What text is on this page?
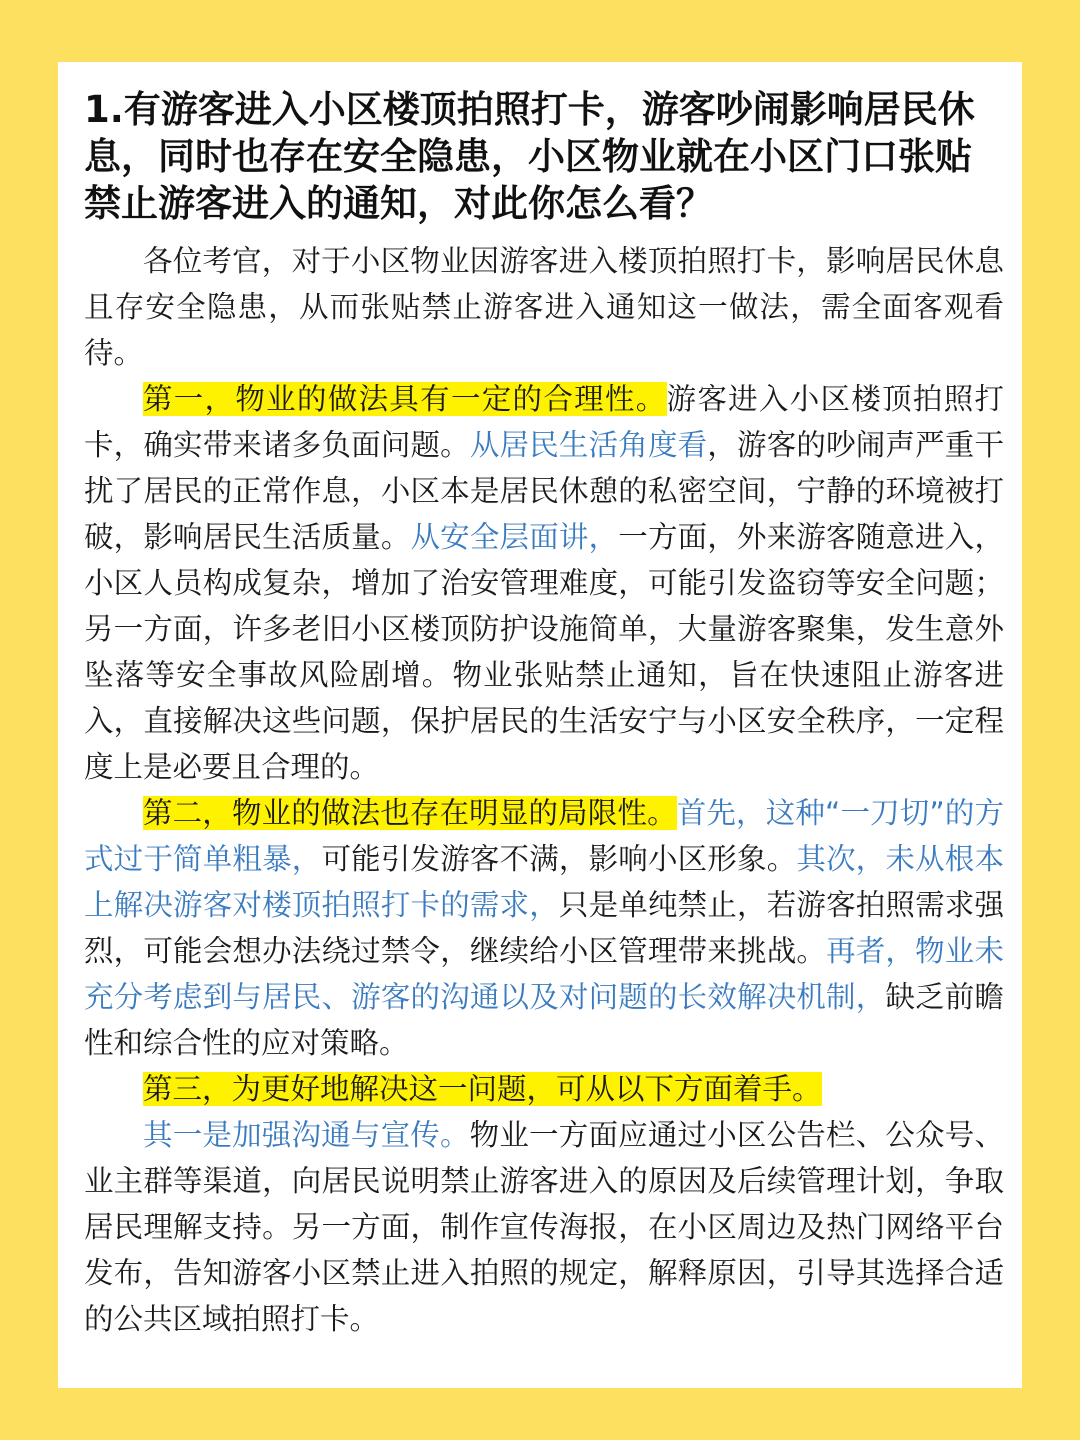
1.有游客进入小区楼顶拍照打卡，游客吵闹影响居民休息，同时也存在安全隐患，小区物业就在小区门口张贴禁止游客进入的通知，对此你怎么看？

各位考官，对于小区物业因游客进入楼顶拍照打卡，影响居民休息且存安全隐患，从而张贴禁止游客进入通知这一做法，需全面客观看待。

第一，物业的做法具有一定的合理性。游客进入小区楼顶拍照打卡，确实带来诸多负面问题。从居民生活角度看，游客的吵闹声严重干扰了居民的正常作息，小区本是居民休憩的私密空间，宁静的环境被打破，影响居民生活质量。从安全层面讲，一方面，外来游客随意进入，小区人员构成复杂，增加了治安管理难度，可能引发盗窃等安全问题；另一方面，许多老旧小区楼顶防护设施简单，大量游客聚集，发生意外坠落等安全事故风险剧增。物业张贴禁止通知，旨在快速阻止游客进入，直接解决这些问题，保护居民的生活安宁与小区安全秩序，一定程度上是必要且合理的。

第二，物业的做法也存在明显的局限性。首先，这种“一刀切”的方式过于简单粗暴，可能引发游客不满，影响小区形象。其次，未从根本上解决游客对楼顶拍照打卡的需求，只是单纯禁止，若游客拍照需求强烈，可能会想办法绕过禁令，继续给小区管理带来挑战。再者，物业未充分考虑到与居民、游客的沟通以及对问题的长效解决机制，缺乏前瞻性和综合性的应对策略。

第三，为更好地解决这一问题，可从以下方面着手。

其一是加强沟通与宣传。物业一方面应通过小区公告栏、公众号、业主群等渠道，向居民说明禁止游客进入的原因及后续管理计划，争取居民理解支持。另一方面，制作宣传海报，在小区周边及热门网络平台发布，告知游客小区禁止进入拍照的规定，解释原因，引导其选择合适的公共区域拍照打卡。
